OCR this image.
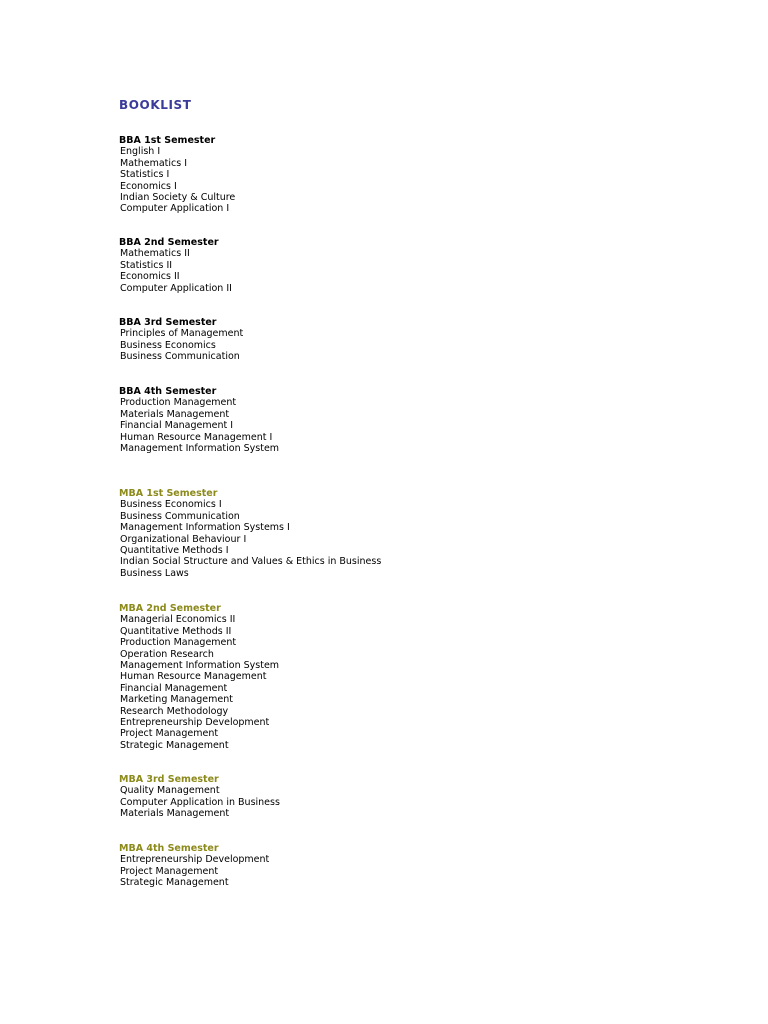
BOOKLIST
BBA 1st Semester
English I
Mathematics I
Statistics I
Economics I
Indian Society & Culture
Computer Application I
BBA 2nd Semester
Mathematics II
Statistics II
Economics II
Computer Application II
BBA 3rd Semester
Principles of Management
Business Economics
Business Communication
BBA 4th Semester
Production Management
Materials Management
Financial Management I
Human Resource Management I
Management Information System
MBA 1st Semester
Business Economics I
Business Communication
Management Information Systems I
Organizational Behaviour I
Quantitative Methods I
Indian Social Structure and Values & Ethics in Business
Business Laws
MBA 2nd Semester
Managerial Economics II
Quantitative Methods II
Production Management
Operation Research
Management Information System
Human Resource Management
Financial Management
Marketing Management
Research Methodology
Entrepreneurship Development
Project Management
Strategic Management
MBA 3rd Semester
Quality Management
Computer Application in Business
Materials Management
MBA 4th Semester
Entrepreneurship Development
Project Management
Strategic Management
